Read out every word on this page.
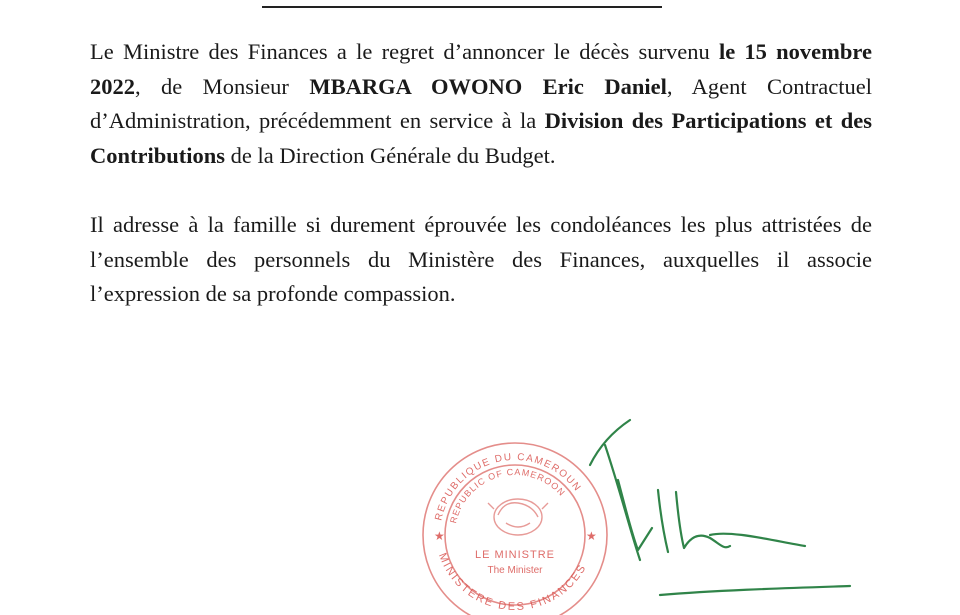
Le Ministre des Finances a le regret d’annoncer le décès survenu le 15 novembre 2022, de Monsieur MBARGA OWONO Eric Daniel, Agent Contractuel d’Administration, précédemment en service à la Division des Participations et des Contributions de la Direction Générale du Budget.

Il adresse à la famille si durement éprouvée les condoléances les plus attristées de l’ensemble des personnels du Ministère des Finances, auxquelles il associe l’expression de sa profonde compassion.

REPUBLIQUE DU CAMEROUN
REPUBLIC OF CAMEROON
MINISTERE DES FINANCES
LE MINISTRE
The Minister
★	★
